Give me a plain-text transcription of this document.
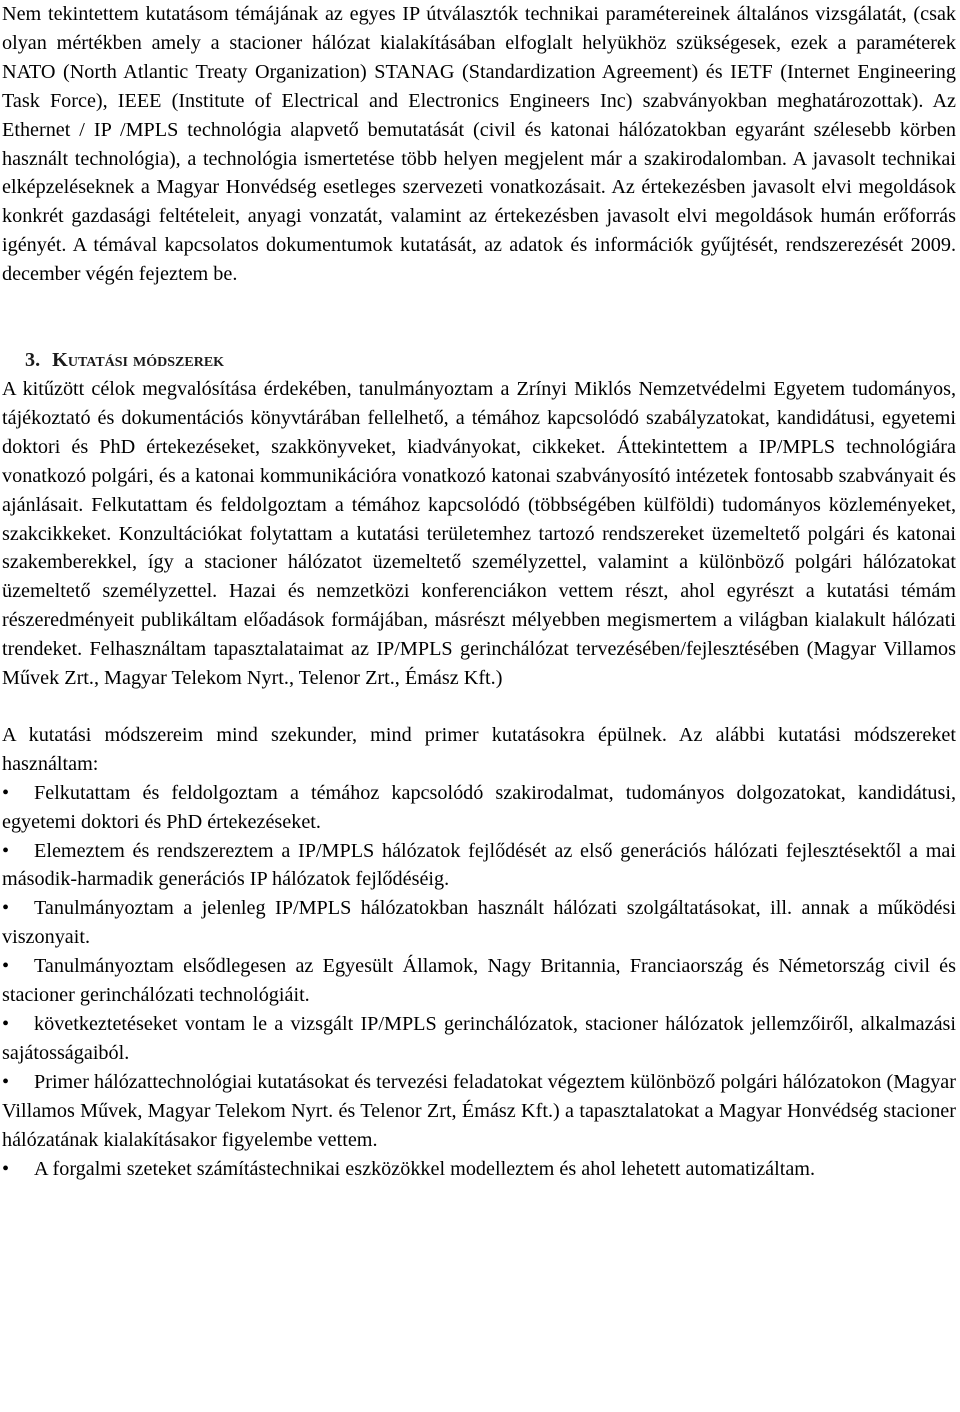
Nem tekintettem kutatásom témájának az egyes IP útválasztók technikai paramétereinek általános vizsgálatát, (csak olyan mértékben amely a stacioner hálózat kialakításában elfoglalt helyükhöz szükségesek, ezek a paraméterek NATO (North Atlantic Treaty Organization) STANAG (Standardization Agreement) és IETF (Internet Engineering Task Force), IEEE (Institute of Electrical and Electronics Engineers Inc) szabványokban meghatározottak). Az Ethernet / IP /MPLS technológia alapvető bemutatását (civil és katonai hálózatokban egyaránt szélesebb körben használt technológia), a technológia ismertetése több helyen megjelent már a szakirodalomban. A javasolt technikai elképzeléseknek a Magyar Honvédség esetleges szervezeti vonatkozásait. Az értekezésben javasolt elvi megoldások konkrét gazdasági feltételeit, anyagi vonzatát, valamint az értekezésben javasolt elvi megoldások humán erőforrás igényét. A témával kapcsolatos dokumentumok kutatását, az adatok és információk gyűjtését, rendszerezését 2009. december végén fejeztem be.

3. Kutatási módszerek

A kitűzött célok megvalósítása érdekében, tanulmányoztam a Zrínyi Miklós Nemzetvédelmi Egyetem tudományos, tájékoztató és dokumentációs könyvtárában fellelhető, a témához kapcsolódó szabályzatokat, kandidátusi, egyetemi doktori és PhD értekezéseket, szakkönyveket, kiadványokat, cikkeket. Áttekintettem a IP/MPLS technológiára vonatkozó polgári, és a katonai kommunikációra vonatkozó katonai szabványosító intézetek fontosabb szabványait és ajánlásait. Felkutattam és feldolgoztam a témához kapcsolódó (többségében külföldi) tudományos közleményeket, szakcikkeket. Konzultációkat folytattam a kutatási területemhez tartozó rendszereket üzemeltető polgári és katonai szakemberekkel, így a stacioner hálózatot üzemeltető személyzettel, valamint a különböző polgári hálózatokat üzemeltető személyzettel. Hazai és nemzetközi konferenciákon vettem részt, ahol egyrészt a kutatási témám részeredményeit publikáltam előadások formájában, másrészt mélyebben megismertem a világban kialakult hálózati trendeket. Felhasználtam tapasztalataimat az IP/MPLS gerinchálózat tervezésében/fejlesztésében (Magyar Villamos Művek Zrt., Magyar Telekom Nyrt., Telenor Zrt., Émász Kft.)

A kutatási módszereim mind szekunder, mind primer kutatásokra épülnek. Az alábbi kutatási módszereket használtam:

• Felkutattam és feldolgoztam a témához kapcsolódó szakirodalmat, tudományos dolgozatokat, kandidátusi, egyetemi doktori és PhD értekezéseket.
• Elemeztem és rendszereztem a IP/MPLS hálózatok fejlődését az első generációs hálózati fejlesztésektől a mai második-harmadik generációs IP hálózatok fejlődéséig.
• Tanulmányoztam a jelenleg IP/MPLS hálózatokban használt hálózati szolgáltatásokat, ill. annak a működési viszonyait.
• Tanulmányoztam elsődlegesen az Egyesült Államok, Nagy Britannia, Franciaország és Németország civil és stacioner gerinchálózati technológiáit.
• következtetéseket vontam le a vizsgált IP/MPLS gerinchálózatok, stacioner hálózatok jellemzőiről, alkalmazási sajátosságaiból.
• Primer hálózattechnológiai kutatásokat és tervezési feladatokat végeztem különböző polgári hálózatokon (Magyar Villamos Művek, Magyar Telekom Nyrt. és Telenor Zrt, Émász Kft.) a tapasztalatokat a Magyar Honvédség stacioner hálózatának kialakításakor figyelembe vettem.
• A forgalmi szeteket számítástechnikai eszközökkel modelleztem és ahol lehetett automatizáltam.
